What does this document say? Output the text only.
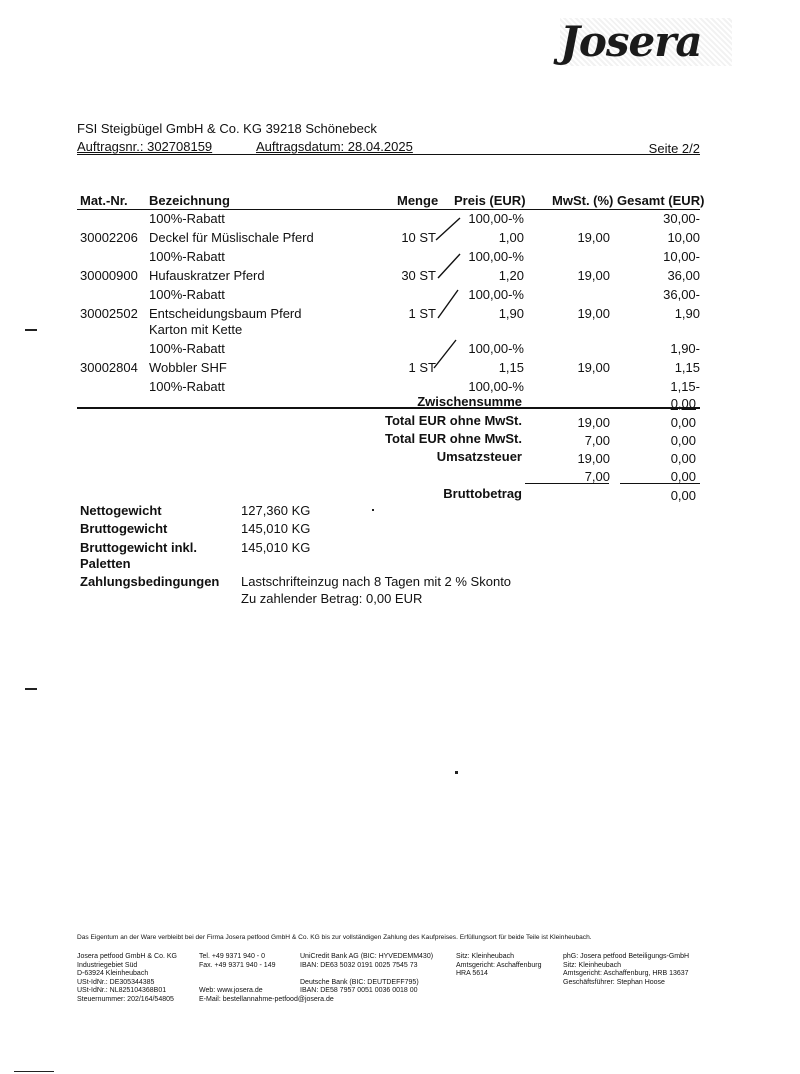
Josera
FSI Steigbügel GmbH & Co. KG 39218 Schönebeck
Auftragsnr.: 302708159	Auftragsdatum: 28.04.2025	Seite 2/2
Mat.-Nr. Bezeichnung	Menge Preis (EUR) MwSt. (%) Gesamt (EUR)
100%-Rabatt	100,00-%	30,00-
30002206 Deckel für Müslischale Pferd	10 ST	1,00	19,00	10,00
100%-Rabatt	100,00-%	10,00-
30000900 Hufauskratzer Pferd	30 ST	1,20	19,00	36,00
100%-Rabatt	100,00-%	36,00-
30002502 Entscheidungsbaum Pferd	1 ST	1,90	19,00	1,90
Karton mit Kette
100%-Rabatt	100,00-%	1,90-
30002804 Wobbler SHF	1 ST	1,15	19,00	1,15
100%-Rabatt	100,00-%	1,15-
Zwischensumme	0,00
Total EUR ohne MwSt.	19,00	0,00
Total EUR ohne MwSt.	7,00	0,00
Umsatzsteuer	19,00	0,00
7,00	0,00
Bruttobetrag	0,00
Nettogewicht	127,360 KG
Bruttogewicht	145,010 KG
Bruttogewicht inkl.
Paletten
145,010 KG
Zahlungsbedingungen Lastschrifteinzug nach 8 Tagen mit 2 % Skonto
Zu zahlender Betrag: 0,00 EUR
Das Eigentum an der Ware verbleibt bei der Firma Josera petfood GmbH & Co. KG bis zur vollständigen Zahlung des Kaufpreises. Erfüllungsort für beide Teile ist Kleinheubach.
Josera petfood GmbH & Co. KG
Industriegebiet Süd
D-63924 Kleinheubach
USt-IdNr.: DE305344385
USt-IdNr.: NL825104368B01
Steuernummer: 202/164/54805
Tel. +49 9371 940 - 0
Fax. +49 9371 940 - 149
Web: www.josera.de
E-Mail: bestellannahme-petfood@josera.de
UniCredit Bank AG (BIC: HYVEDEMM430)
IBAN: DE63 5032 0191 0025 7545 73
Deutsche Bank (BIC: DEUTDEFF795)
IBAN: DE58 7957 0051 0036 0018 00
Sitz: Kleinheubach
Amtsgericht: Aschaffenburg
HRA 5614
phG: Josera petfood Beteiligungs-GmbH
Sitz: Kleinheubach
Amtsgericht: Aschaffenburg, HRB 13637
Geschäftsführer: Stephan Hoose
